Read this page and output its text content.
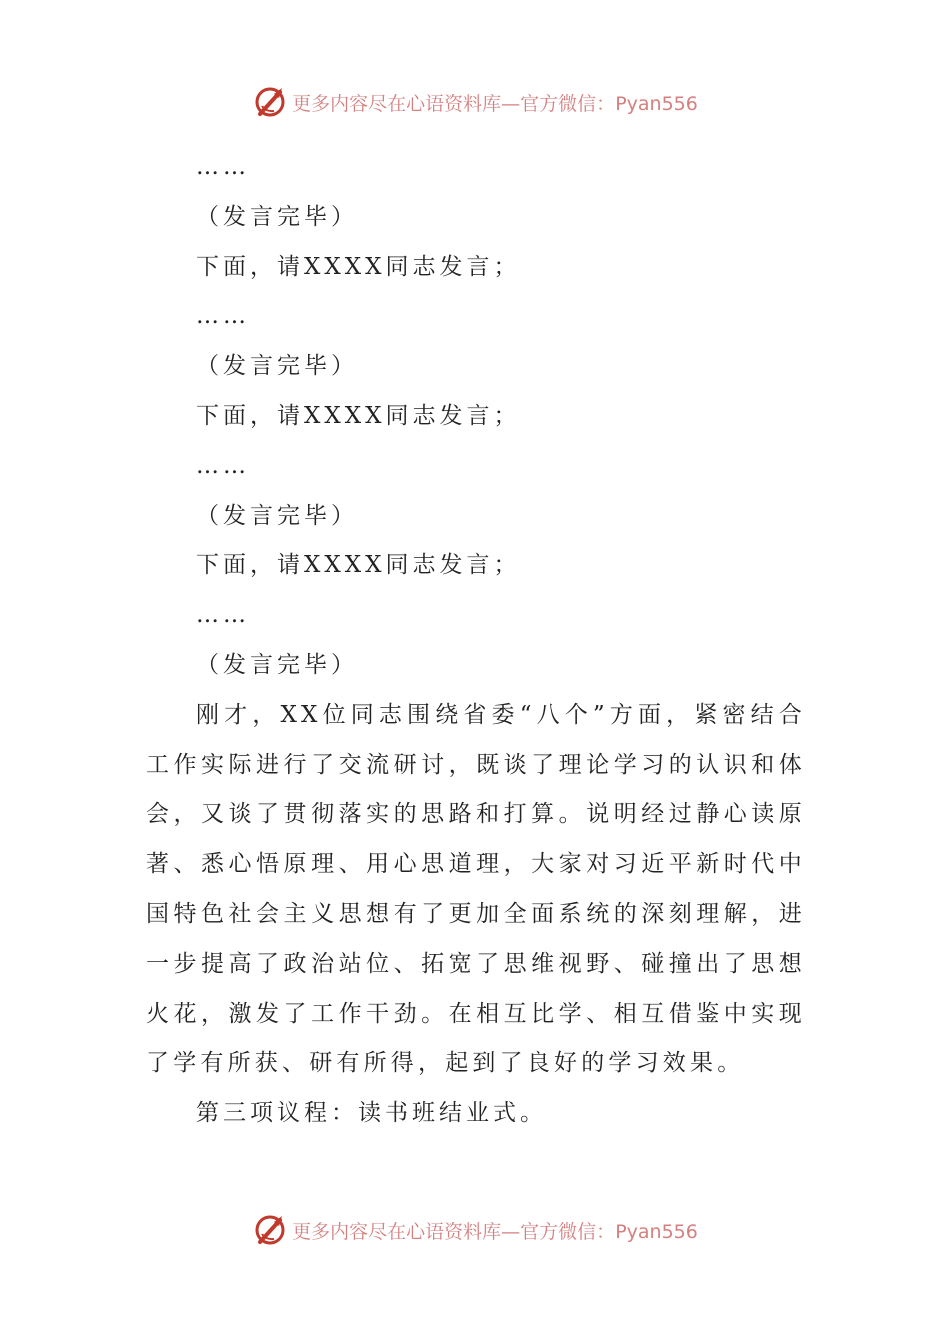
更多内容尽在心语资料库—官方微信：Pyan556

……

（发言完毕）

下面，请XXXX同志发言；

……

（发言完毕）

下面，请XXXX同志发言；

……

（发言完毕）

下面，请XXXX同志发言；

……

（发言完毕）

刚才，XX位同志围绕省委“八个”方面，紧密结合工作实际进行了交流研讨，既谈了理论学习的认识和体会，又谈了贯彻落实的思路和打算。说明经过静心读原著、悉心悟原理、用心思道理，大家对习近平新时代中国特色社会主义思想有了更加全面系统的深刻理解，进一步提高了政治站位、拓宽了思维视野、碰撞出了思想火花，激发了工作干劲。在相互比学、相互借鉴中实现了学有所获、研有所得，起到了良好的学习效果。

第三项议程：读书班结业式。

更多内容尽在心语资料库—官方微信：Pyan556
